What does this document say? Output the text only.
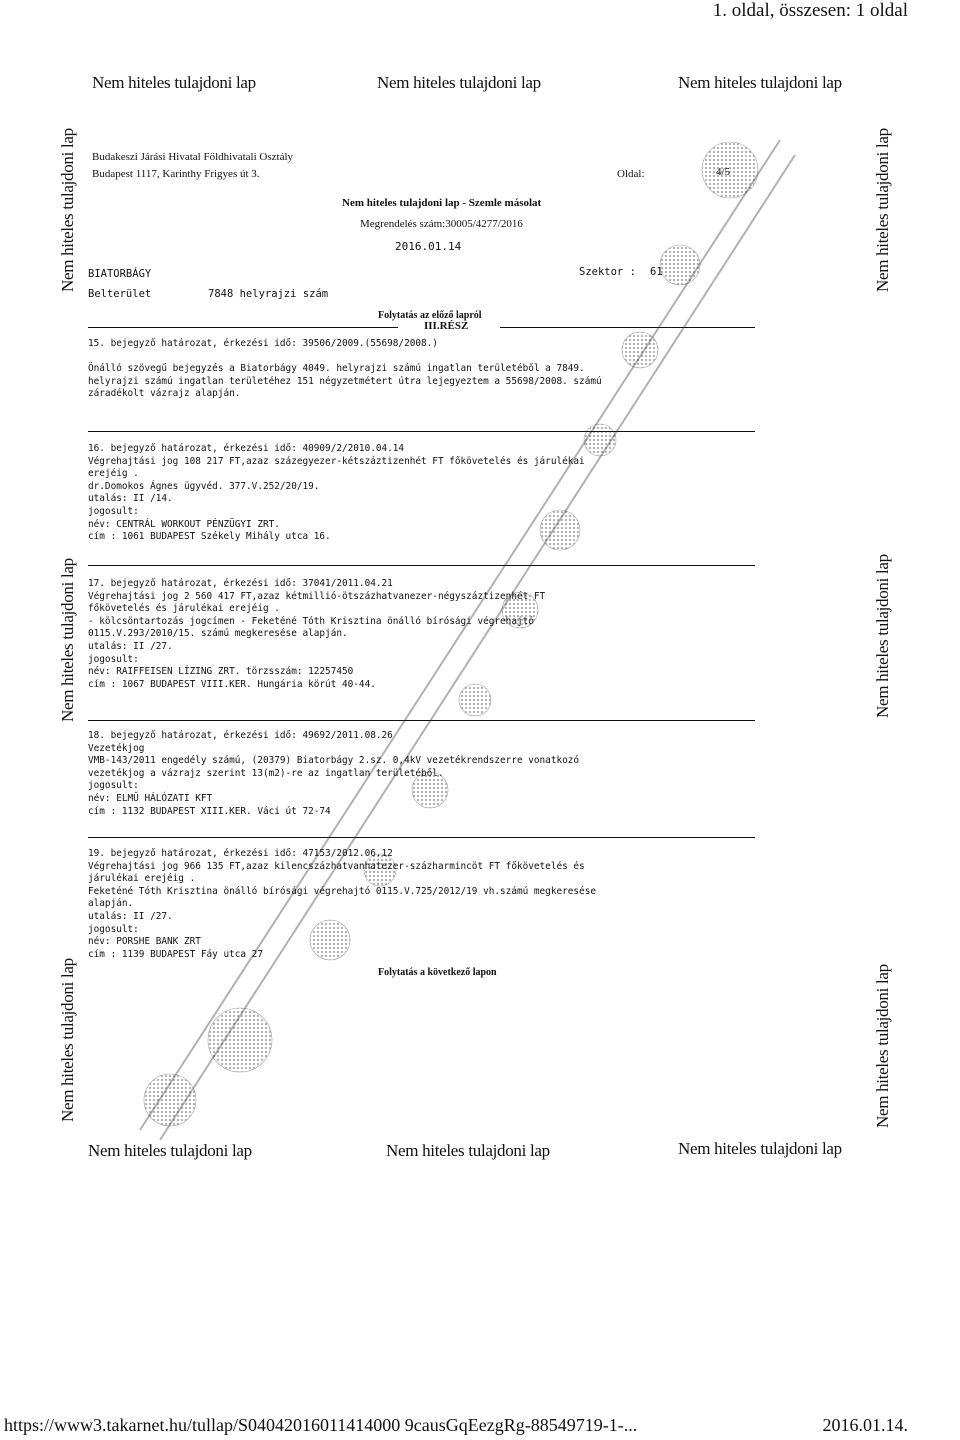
1. oldal, összesen: 1 oldal
Nem hiteles tulajdoni lap	Nem hiteles tulajdoni lap	Nem hiteles tulajdoni lap
Nem hiteles tulajdoni lap
Nem hiteles tulajdoni lap
Nem hiteles tulajdoni lap
Nem hiteles tulajdoni lap
Nem hiteles tulajdoni lap
Nem hiteles tulajdoni lap
Budakeszi Járási Hivatal Földhivatali Osztály
Budapest 1117, Karinthy Frigyes út 3.	Oldal:	4/5
Nem hiteles tulajdoni lap - Szemle másolat
Megrendelés szám:30005/4277/2016
2016.01.14
BIATORBÁGY	Szektor : 61
Belterület	7848 helyrajzi szám
Folytatás az előző lapról
III.RÉSZ
15. bejegyző határozat, érkezési idő: 39506/2009.(55698/2008.)

Önálló szövegű bejegyzés a Biatorbágy 4049. helyrajzi számú ingatlan területéből a 7849.
helyrajzi számú ingatlan területéhez 151 négyzetmétert útra lejegyeztem a 55698/2008. számú
záradékolt vázrajz alapján.
16. bejegyző határozat, érkezési idő: 40909/2/2010.04.14
Végrehajtási jog 108 217 FT,azaz százegyezer-kétszáztizenhét FT főkövetelés és járulékai
erejéig .
dr.Domokos Ágnes ügyvéd. 377.V.252/20/19.
utalás: II /14.
jogosult:
név: CENTRÁL WORKOUT PÉNZÜGYI ZRT.
cím : 1061 BUDAPEST Székely Mihály utca 16.
17. bejegyző határozat, érkezési idő: 37041/2011.04.21
Végrehajtási jog 2 560 417 FT,azaz kétmillió-ötszázhatvanezer-négyszáztizenhét FT
főkövetelés és járulékai erejéig .
- kölcsöntartozás jogcímen - Feketéné Tóth Krisztina önálló bírósági végrehajtó
0115.V.293/2010/15. számú megkeresése alapján.
utalás: II /27.
jogosult:
név: RAIFFEISEN LÍZING ZRT. törzsszám: 12257450
cím : 1067 BUDAPEST VIII.KER. Hungária körút 40-44.
18. bejegyző határozat, érkezési idő: 49692/2011.08.26
Vezetékjog
VMB-143/2011 engedély számú, (20379) Biatorbágy 2.sz. 0,4kV vezetékrendszerre vonatkozó
vezetékjog a vázrajz szerint 13(m2)-re az ingatlan területéből.
jogosult:
név: ELMŰ HÁLÓZATI KFT
cím : 1132 BUDAPEST XIII.KER. Váci út 72-74
19. bejegyző határozat, érkezési idő: 47153/2012.06.12
Végrehajtási jog 966 135 FT,azaz kilencszázhatvanhatezer-százharmincöt FT főkövetelés és
járulékai erejéig .
Feketéné Tóth Krisztina önálló bírósági végrehajtó 0115.V.725/2012/19 vh.számú megkeresése
alapján.
utalás: II /27.
jogosult:
név: PORSHE BANK ZRT
cím : 1139 BUDAPEST Fáy utca 27
Folytatás a következő lapon
Nem hiteles tulajdoni lap	Nem hiteles tulajdoni lap	Nem hiteles tulajdoni lap
https://www3.takarnet.hu/tullap/S04042016011414000 9causGqEezgRg-88549719-1-...	2016.01.14.
